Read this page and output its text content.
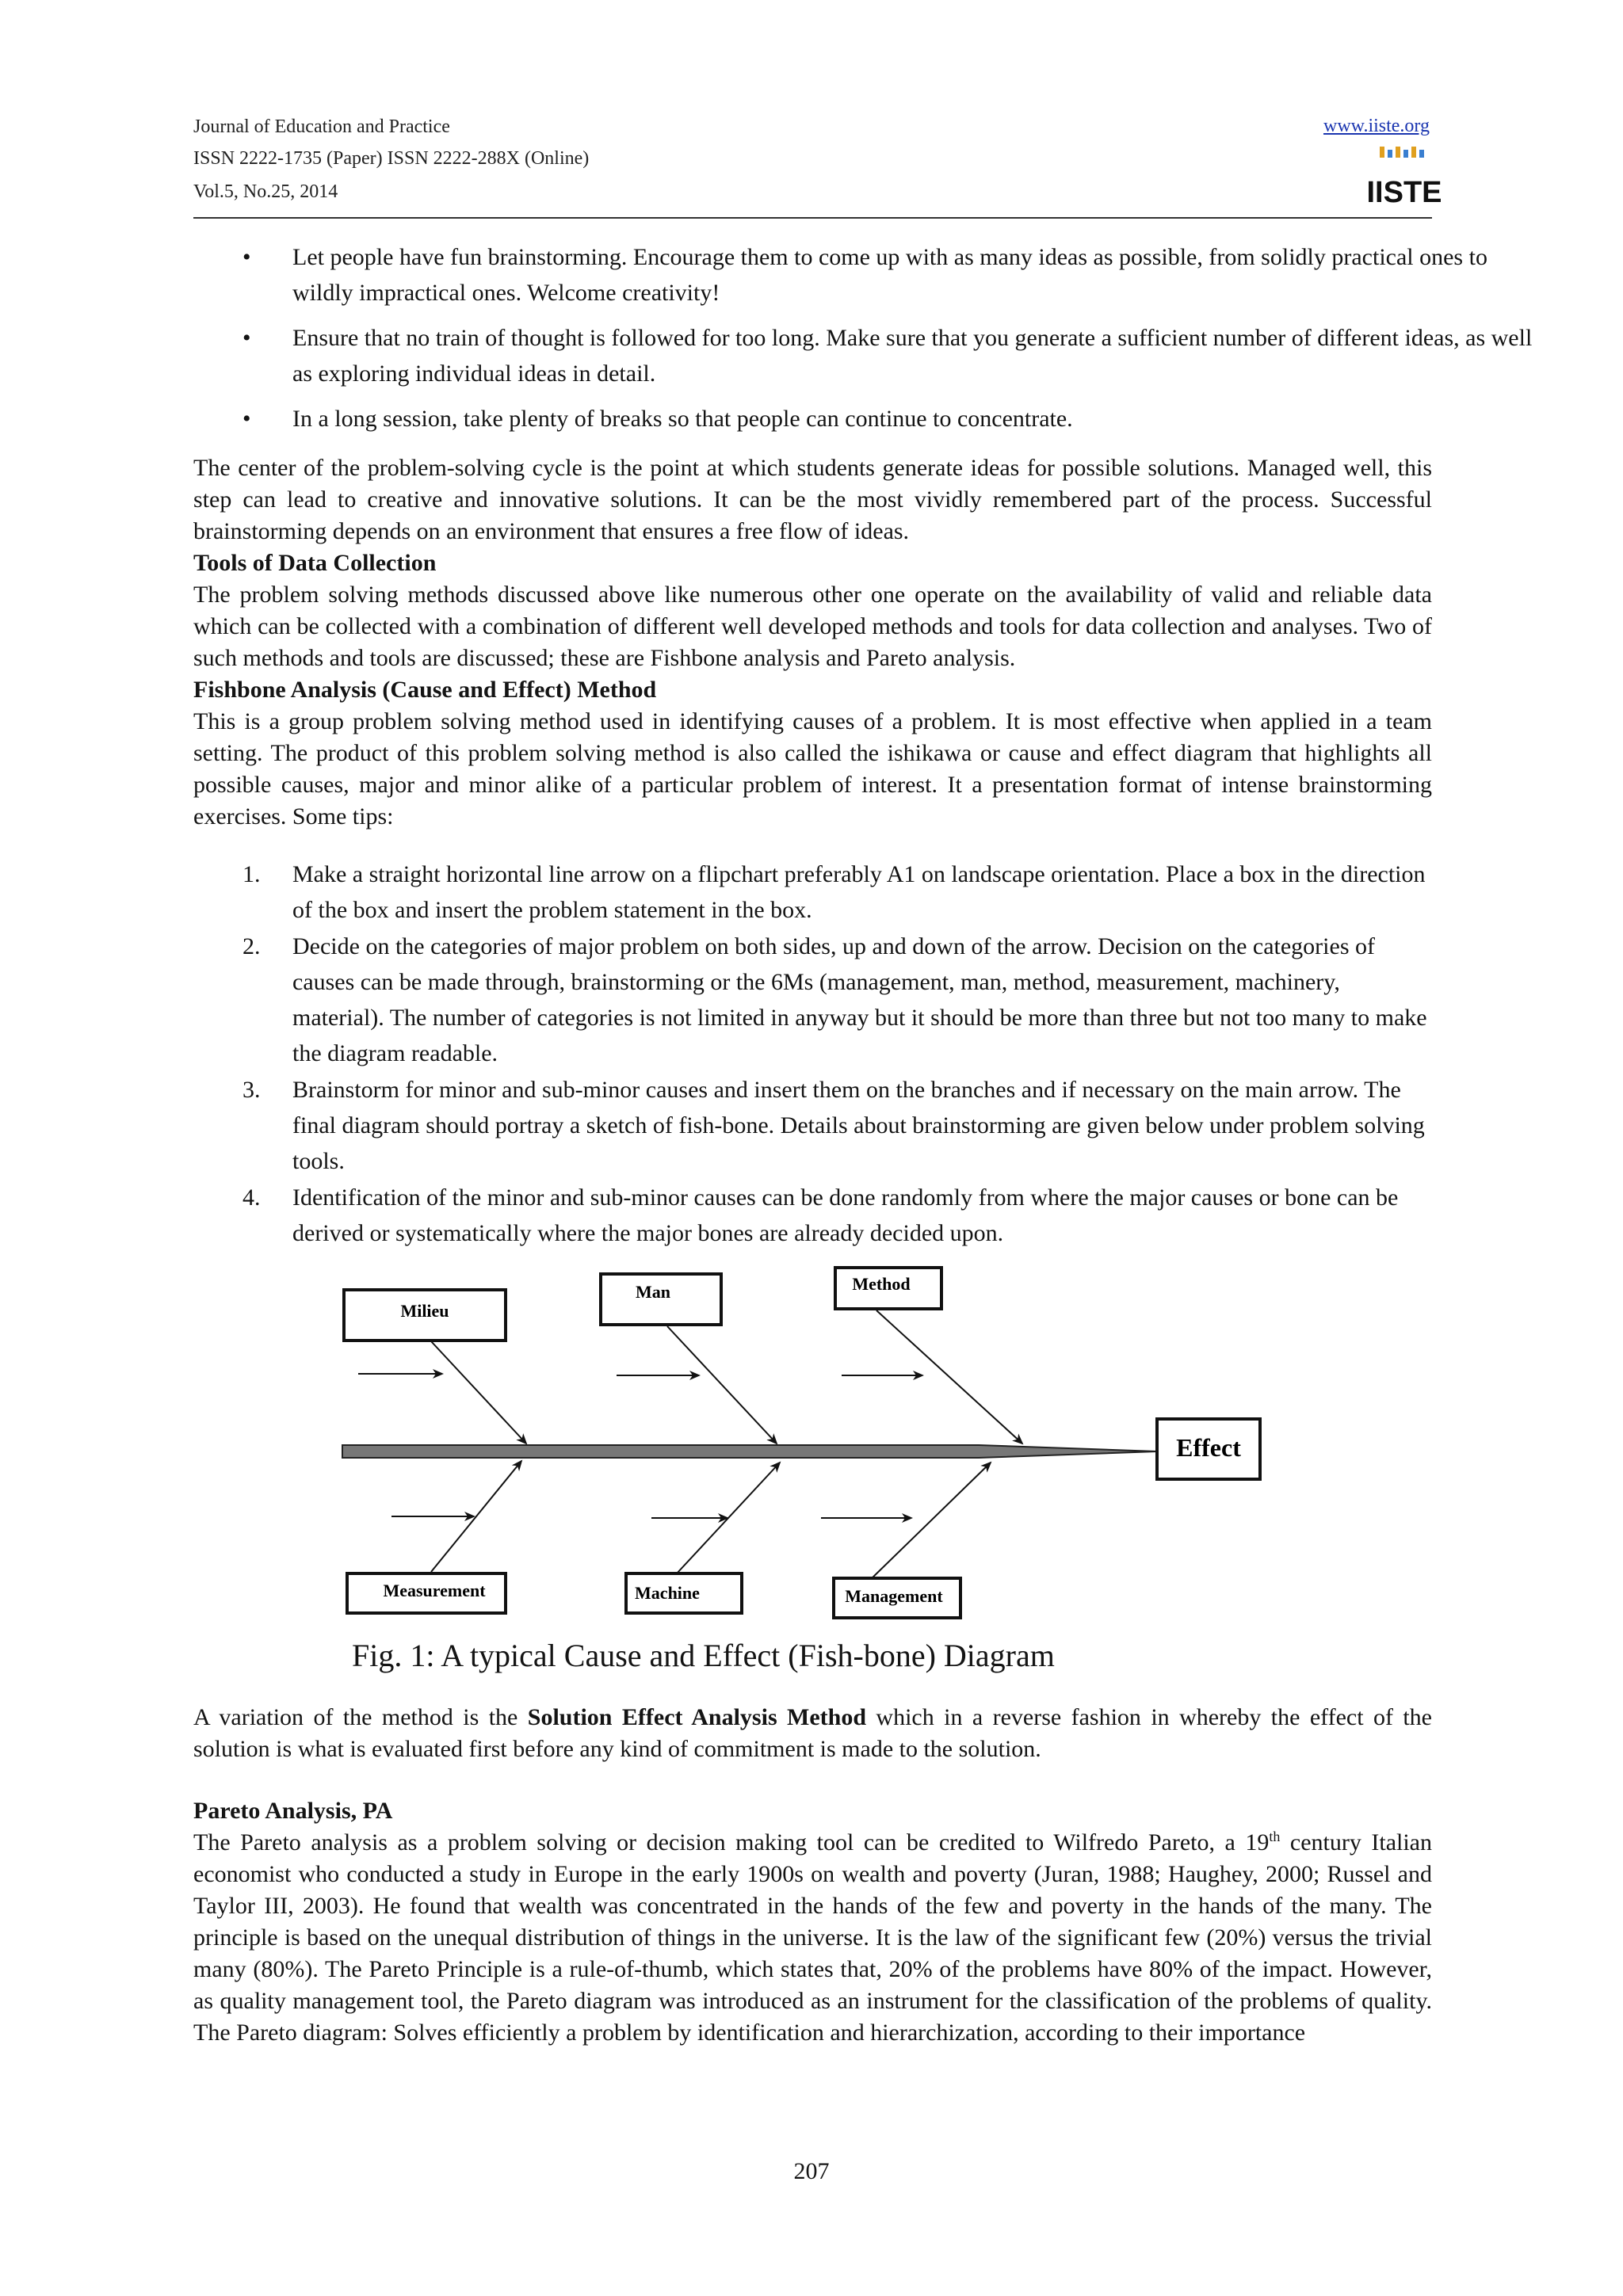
Journal of Education and Practice
ISSN 2222-1735 (Paper) ISSN 2222-288X (Online)
Vol.5, No.25, 2014
www.iiste.org
IISTE
• Let people have fun brainstorming. Encourage them to come up with as many ideas as possible, from solidly practical ones to wildly impractical ones. Welcome creativity!
• Ensure that no train of thought is followed for too long. Make sure that you generate a sufficient number of different ideas, as well as exploring individual ideas in detail.
• In a long session, take plenty of breaks so that people can continue to concentrate.

The center of the problem-solving cycle is the point at which students generate ideas for possible solutions. Managed well, this step can lead to creative and innovative solutions. It can be the most vividly remembered part of the process. Successful brainstorming depends on an environment that ensures a free flow of ideas.

Tools of Data Collection

The problem solving methods discussed above like numerous other one operate on the availability of valid and reliable data which can be collected with a combination of different well developed methods and tools for data collection and analyses. Two of such methods and tools are discussed; these are Fishbone analysis and Pareto analysis.

Fishbone Analysis (Cause and Effect) Method

This is a group problem solving method used in identifying causes of a problem. It is most effective when applied in a team setting. The product of this problem solving method is also called the ishikawa or cause and effect diagram that highlights all possible causes, major and minor alike of a particular problem of interest. It a presentation format of intense brainstorming exercises. Some tips:

1. Make a straight horizontal line arrow on a flipchart preferably A1 on landscape orientation. Place a box in the direction of the box and insert the problem statement in the box.
2. Decide on the categories of major problem on both sides, up and down of the arrow. Decision on the categories of causes can be made through, brainstorming or the 6Ms (management, man, method, measurement, machinery, material). The number of categories is not limited in anyway but it should be more than three but not too many to make the diagram readable.
3. Brainstorm for minor and sub-minor causes and insert them on the branches and if necessary on the main arrow. The final diagram should portray a sketch of fish-bone. Details about brainstorming are given below under problem solving tools.
4. Identification of the minor and sub-minor causes can be done randomly from where the major causes or bone can be derived or systematically where the major bones are already decided upon.
Effect
Milieu
Man	Method
Measurement	Machine	Management
Fig. 1: A typical Cause and Effect (Fish-bone) Diagram

A variation of the method is the Solution Effect Analysis Method which in a reverse fashion in whereby the effect of the solution is what is evaluated first before any kind of commitment is made to the solution.

Pareto Analysis, PA

The Pareto analysis as a problem solving or decision making tool can be credited to Wilfredo Pareto, a 19th century Italian economist who conducted a study in Europe in the early 1900s on wealth and poverty (Juran, 1988; Haughey, 2000; Russel and Taylor III, 2003). He found that wealth was concentrated in the hands of the few and poverty in the hands of the many. The principle is based on the unequal distribution of things in the universe. It is the law of the significant few (20%) versus the trivial many (80%). The Pareto Principle is a rule-of-thumb, which states that, 20% of the problems have 80% of the impact. However, as quality management tool, the Pareto diagram was introduced as an instrument for the classification of the problems of quality. The Pareto diagram: Solves efficiently a problem by identification and hierarchization, according to their importance

207
